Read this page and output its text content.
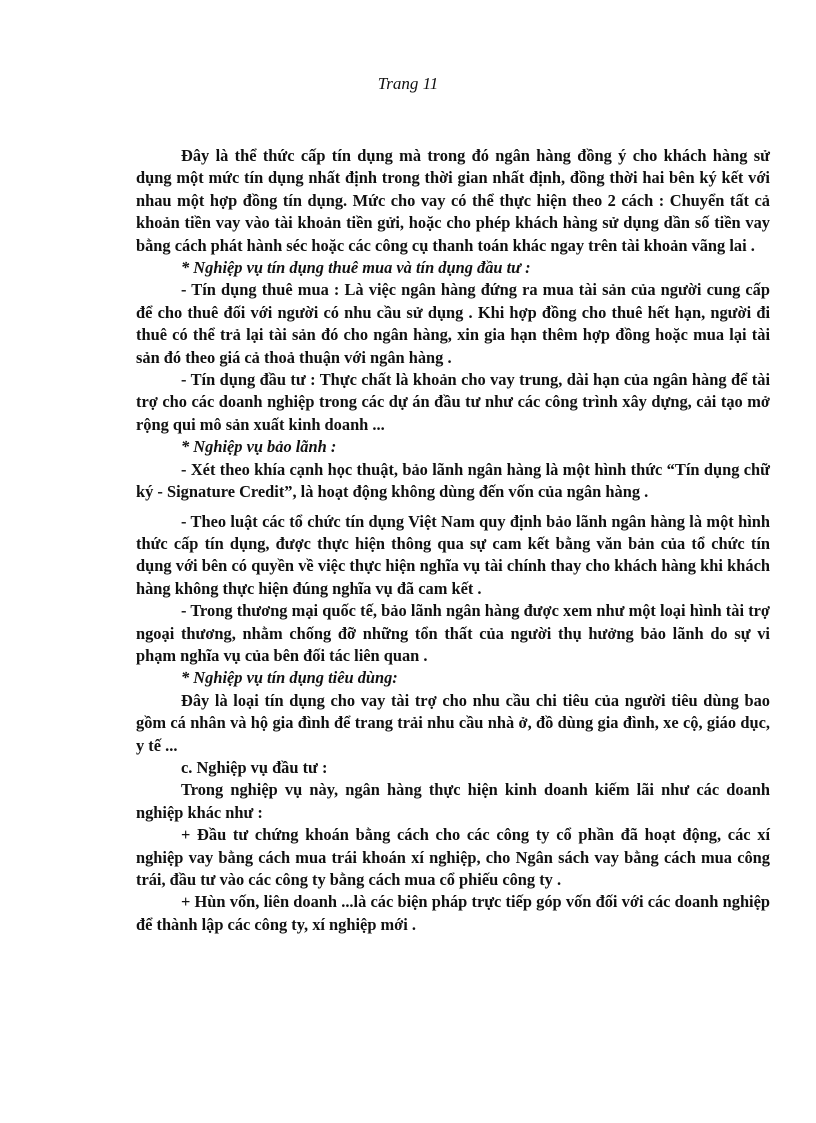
Trang 11

Đây là thể thức cấp tín dụng mà trong đó ngân hàng đồng ý cho khách hàng sử dụng một mức tín dụng nhất định trong thời gian nhất định, đồng thời hai bên ký kết với nhau một hợp đồng tín dụng. Mức cho vay có thể thực hiện theo 2 cách : Chuyển tất cả khoản tiền vay vào tài khoản tiền gửi, hoặc cho phép khách hàng sử dụng dần số tiền vay bằng cách phát hành séc hoặc các công cụ thanh toán khác ngay trên tài khoản vãng lai .

* Nghiệp vụ tín dụng thuê mua và tín dụng đầu tư :

- Tín dụng thuê mua : Là việc ngân hàng đứng ra mua tài sản của người cung cấp để cho thuê đối với người có nhu cầu sử dụng . Khi hợp đồng cho thuê hết hạn, người đi thuê có thể trả lại tài sản đó cho ngân hàng, xin gia hạn thêm hợp đồng hoặc mua lại tài sản đó theo giá cả thoả thuận với ngân hàng .

- Tín dụng đầu tư : Thực chất là khoản cho vay trung, dài hạn của ngân hàng để tài trợ cho các doanh nghiệp trong các dự án đầu tư như các công trình xây dựng, cải tạo mở rộng qui mô sản xuất kinh doanh ...

* Nghiệp vụ bảo lãnh :

- Xét theo khía cạnh học thuật, bảo lãnh ngân hàng là một hình thức “Tín dụng chữ ký - Signature Credit”, là hoạt động không dùng đến vốn của ngân hàng .

- Theo luật các tổ chức tín dụng Việt Nam quy định bảo lãnh ngân hàng là một hình thức cấp tín dụng, được thực hiện thông qua sự cam kết bằng văn bản của tổ chức tín dụng với bên có quyền về việc thực hiện nghĩa vụ tài chính thay cho khách hàng khi khách hàng không thực hiện đúng nghĩa vụ đã cam kết .

- Trong thương mại quốc tế, bảo lãnh ngân hàng được xem như một loại hình tài trợ ngoại thương, nhằm chống đỡ những tổn thất của người thụ hưởng bảo lãnh do sự vi phạm nghĩa vụ của bên đối tác liên quan .

* Nghiệp vụ tín dụng tiêu dùng:

Đây là loại tín dụng cho vay tài trợ cho nhu cầu chi tiêu của người tiêu dùng bao gồm cá nhân và hộ gia đình để trang trải nhu cầu nhà ở, đồ dùng gia đình, xe cộ, giáo dục, y tế ...

c. Nghiệp vụ đầu tư :

Trong nghiệp vụ này, ngân hàng thực hiện kinh doanh kiếm lãi như các doanh nghiệp khác như :

+ Đầu tư chứng khoán bằng cách cho các công ty cổ phần đã hoạt động, các xí nghiệp vay bằng cách mua trái khoán xí nghiệp, cho Ngân sách vay bằng cách mua công trái, đầu tư vào các công ty bằng cách mua cổ phiếu công ty .

+ Hùn vốn, liên doanh ...là các biện pháp trực tiếp góp vốn đối với các doanh nghiệp để thành lập các công ty, xí nghiệp mới .
